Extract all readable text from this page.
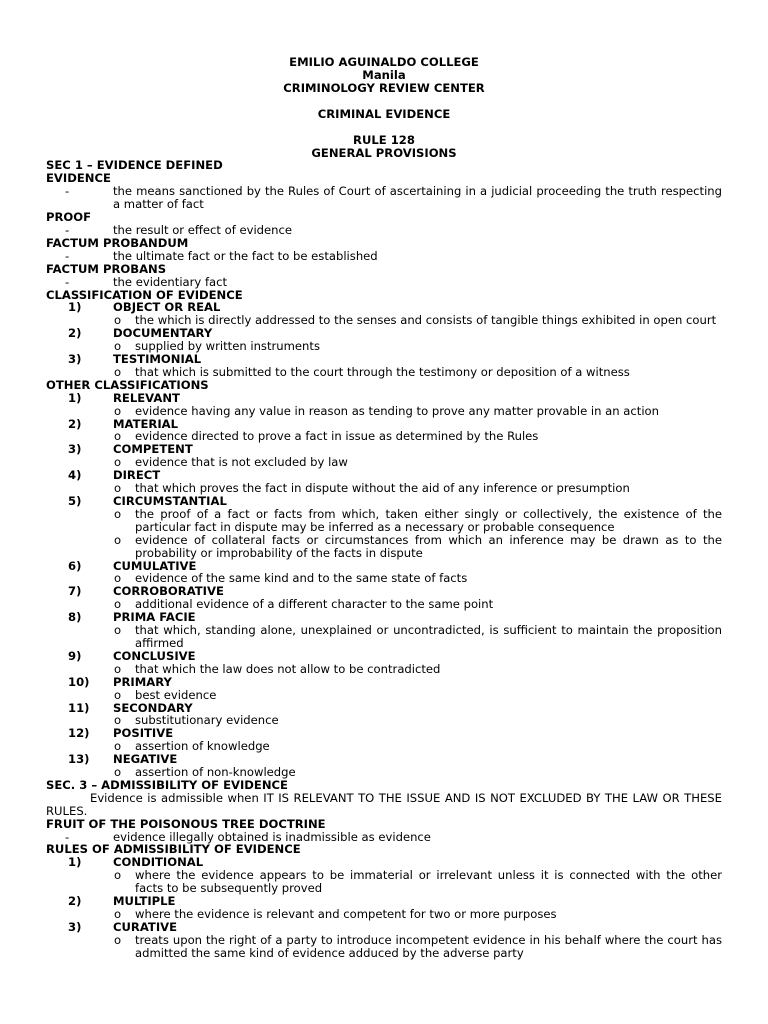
EMILIO AGUINALDO COLLEGE
Manila
CRIMINOLOGY REVIEW CENTER
CRIMINAL EVIDENCE
RULE 128
GENERAL PROVISIONS
SEC 1 – EVIDENCE DEFINED
EVIDENCE
-	the means sanctioned by the Rules of Court of ascertaining in a judicial proceeding the truth respecting a matter of fact
PROOF
-	the result or effect of evidence
FACTUM PROBANDUM
-	the ultimate fact or the fact to be established
FACTUM PROBANS
-	the evidentiary fact
CLASSIFICATION OF EVIDENCE
1)	OBJECT OR REAL
o the which is directly addressed to the senses and consists of tangible things exhibited in open court
2)	DOCUMENTARY
o supplied by written instruments
3)	TESTIMONIAL
o that which is submitted to the court through the testimony or deposition of a witness
OTHER CLASSIFICATIONS
1)	RELEVANT
o evidence having any value in reason as tending to prove any matter provable in an action
2)	MATERIAL
o evidence directed to prove a fact in issue as determined by the Rules
3)	COMPETENT
o evidence that is not excluded by law
4)	DIRECT
o that which proves the fact in dispute without the aid of any inference or presumption
5)	CIRCUMSTANTIAL
o the proof of a fact or facts from which, taken either singly or collectively, the existence of the particular fact in dispute may be inferred as a necessary or probable consequence
o evidence of collateral facts or circumstances from which an inference may be drawn as to the probability or improbability of the facts in dispute
6)	CUMULATIVE
o evidence of the same kind and to the same state of facts
7)	CORROBORATIVE
o additional evidence of a different character to the same point
8)	PRIMA FACIE
o that which, standing alone, unexplained or uncontradicted, is sufficient to maintain the proposition affirmed
9)	CONCLUSIVE
o that which the law does not allow to be contradicted
10)	PRIMARY
o best evidence
11)	SECONDARY
o substitutionary evidence
12)	POSITIVE
o assertion of knowledge
13)	NEGATIVE
o assertion of non-knowledge
SEC. 3 – ADMISSIBILITY OF EVIDENCE
Evidence is admissible when IT IS RELEVANT TO THE ISSUE AND IS NOT EXCLUDED BY THE LAW OR THESE RULES.
FRUIT OF THE POISONOUS TREE DOCTRINE
-	evidence illegally obtained is inadmissible as evidence
RULES OF ADMISSIBILITY OF EVIDENCE
1)	CONDITIONAL
o where the evidence appears to be immaterial or irrelevant unless it is connected with the other facts to be subsequently proved
2)	MULTIPLE
o where the evidence is relevant and competent for two or more purposes
3)	CURATIVE
o treats upon the right of a party to introduce incompetent evidence in his behalf where the court has admitted the same kind of evidence adduced by the adverse party
